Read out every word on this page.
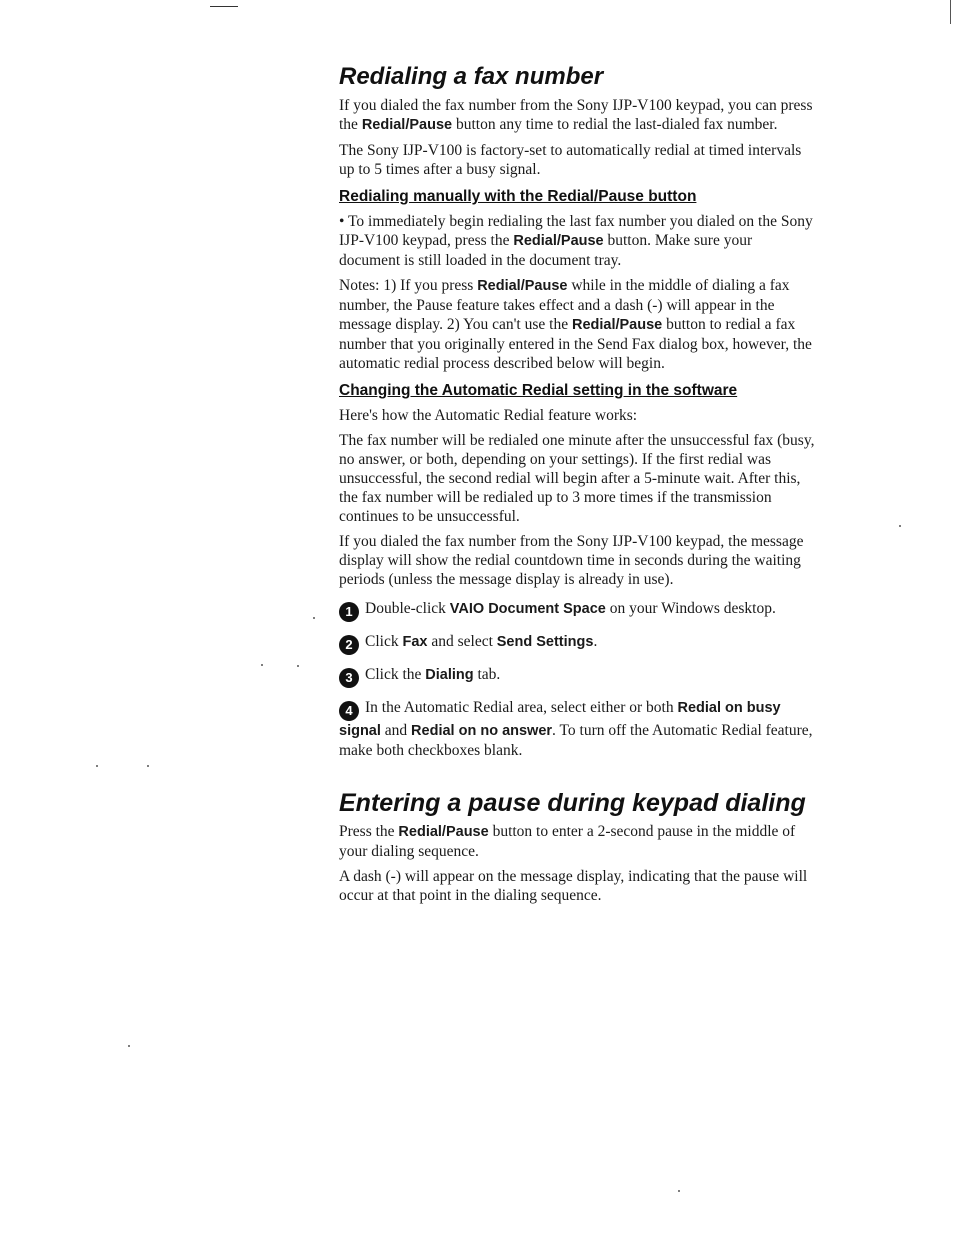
Redialing a fax number

If you dialed the fax number from the Sony IJP-V100 keypad, you can press the Redial/Pause button any time to redial the last-dialed fax number.

The Sony IJP-V100 is factory-set to automatically redial at timed intervals up to 5 times after a busy signal.

Redialing manually with the Redial/Pause button

• To immediately begin redialing the last fax number you dialed on the Sony IJP-V100 keypad, press the Redial/Pause button. Make sure your document is still loaded in the document tray.

Notes: 1) If you press Redial/Pause while in the middle of dialing a fax number, the Pause feature takes effect and a dash (-) will appear in the message display. 2) You can't use the Redial/Pause button to redial a fax number that you originally entered in the Send Fax dialog box, however, the automatic redial process described below will begin.

Changing the Automatic Redial setting in the software

Here's how the Automatic Redial feature works:

The fax number will be redialed one minute after the unsuccessful fax (busy, no answer, or both, depending on your settings). If the first redial was unsuccessful, the second redial will begin after a 5-minute wait. After this, the fax number will be redialed up to 3 more times if the transmission continues to be unsuccessful.

If you dialed the fax number from the Sony IJP-V100 keypad, the message display will show the redial countdown time in seconds during the waiting periods (unless the message display is already in use).

1 Double-click VAIO Document Space on your Windows desktop.

2 Click Fax and select Send Settings.

3 Click the Dialing tab.

4 In the Automatic Redial area, select either or both Redial on busy signal and Redial on no answer. To turn off the Automatic Redial feature, make both checkboxes blank.

Entering a pause during keypad dialing

Press the Redial/Pause button to enter a 2-second pause in the middle of your dialing sequence.

A dash (-) will appear on the message display, indicating that the pause will occur at that point in the dialing sequence.
